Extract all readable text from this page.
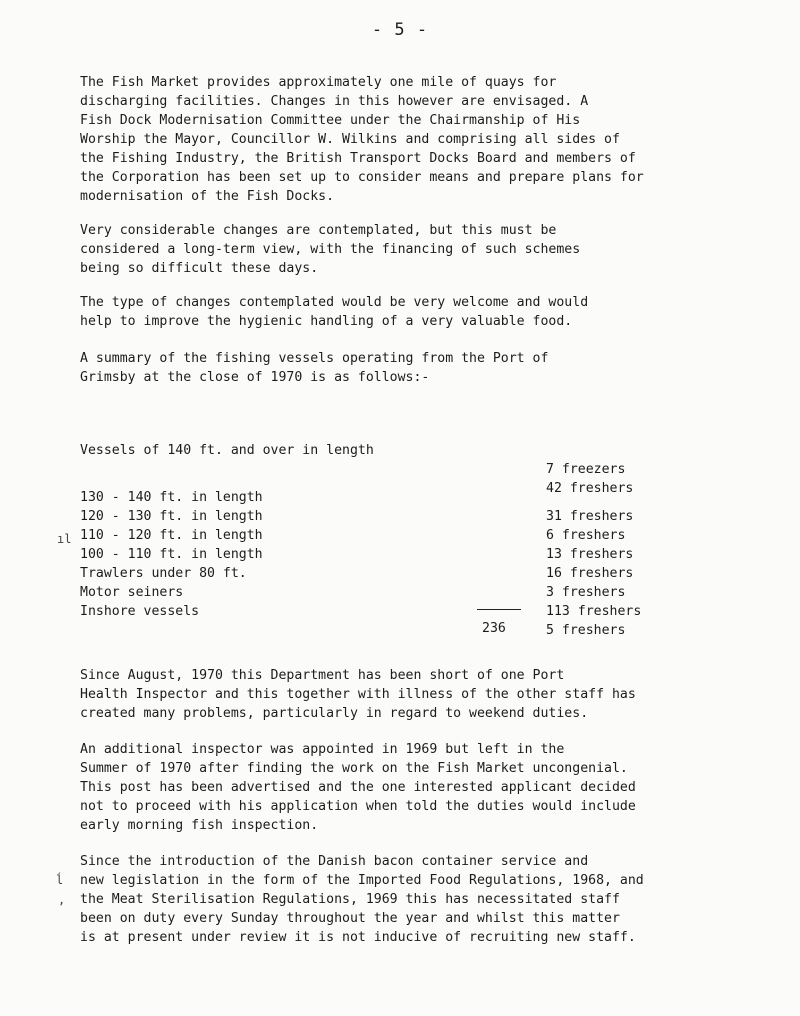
- 5 -

The Fish Market provides approximately one mile of quays for
discharging facilities. Changes in this however are envisaged. A
Fish Dock Modernisation Committee under the Chairmanship of His
Worship the Mayor, Councillor W. Wilkins and comprising all sides of
the Fishing Industry, the British Transport Docks Board and members of
the Corporation has been set up to consider means and prepare plans for
modernisation of the Fish Docks.

Very considerable changes are contemplated, but this must be
considered a long-term view, with the financing of such schemes
being so difficult these days.

The type of changes contemplated would be very welcome and would
help to improve the hygienic handling of a very valuable food.

A summary of the fishing vessels operating from the Port of
Grimsby at the close of 1970 is as follows:-

Vessels of 140 ft. and over in length

7 freezers

42 freshers

130 - 140 ft. in length

31 freshers

120 - 130 ft. in length

6 freshers

110 - 120 ft. in length

13 freshers

100 - 110 ft. in length

16 freshers

Trawlers under 80 ft.

3 freshers

Motor seiners

113 freshers

Inshore vessels

5 freshers

236

Since August, 1970 this Department has been short of one Port
Health Inspector and this together with illness of the other staff has
created many problems, particularly in regard to weekend duties.

An additional inspector was appointed in 1969 but left in the
Summer of 1970 after finding the work on the Fish Market uncongenial.
This post has been advertised and the one interested applicant decided
not to proceed with his application when told the duties would include
early morning fish inspection.

Since the introduction of the Danish bacon container service and
new legislation in the form of the Imported Food Regulations, 1968, and
the Meat Sterilisation Regulations, 1969 this has necessitated staff
been on duty every Sunday throughout the year and whilst this matter
is at present under review it is not inducive of recruiting new staff.

ıl
ĺ
,
